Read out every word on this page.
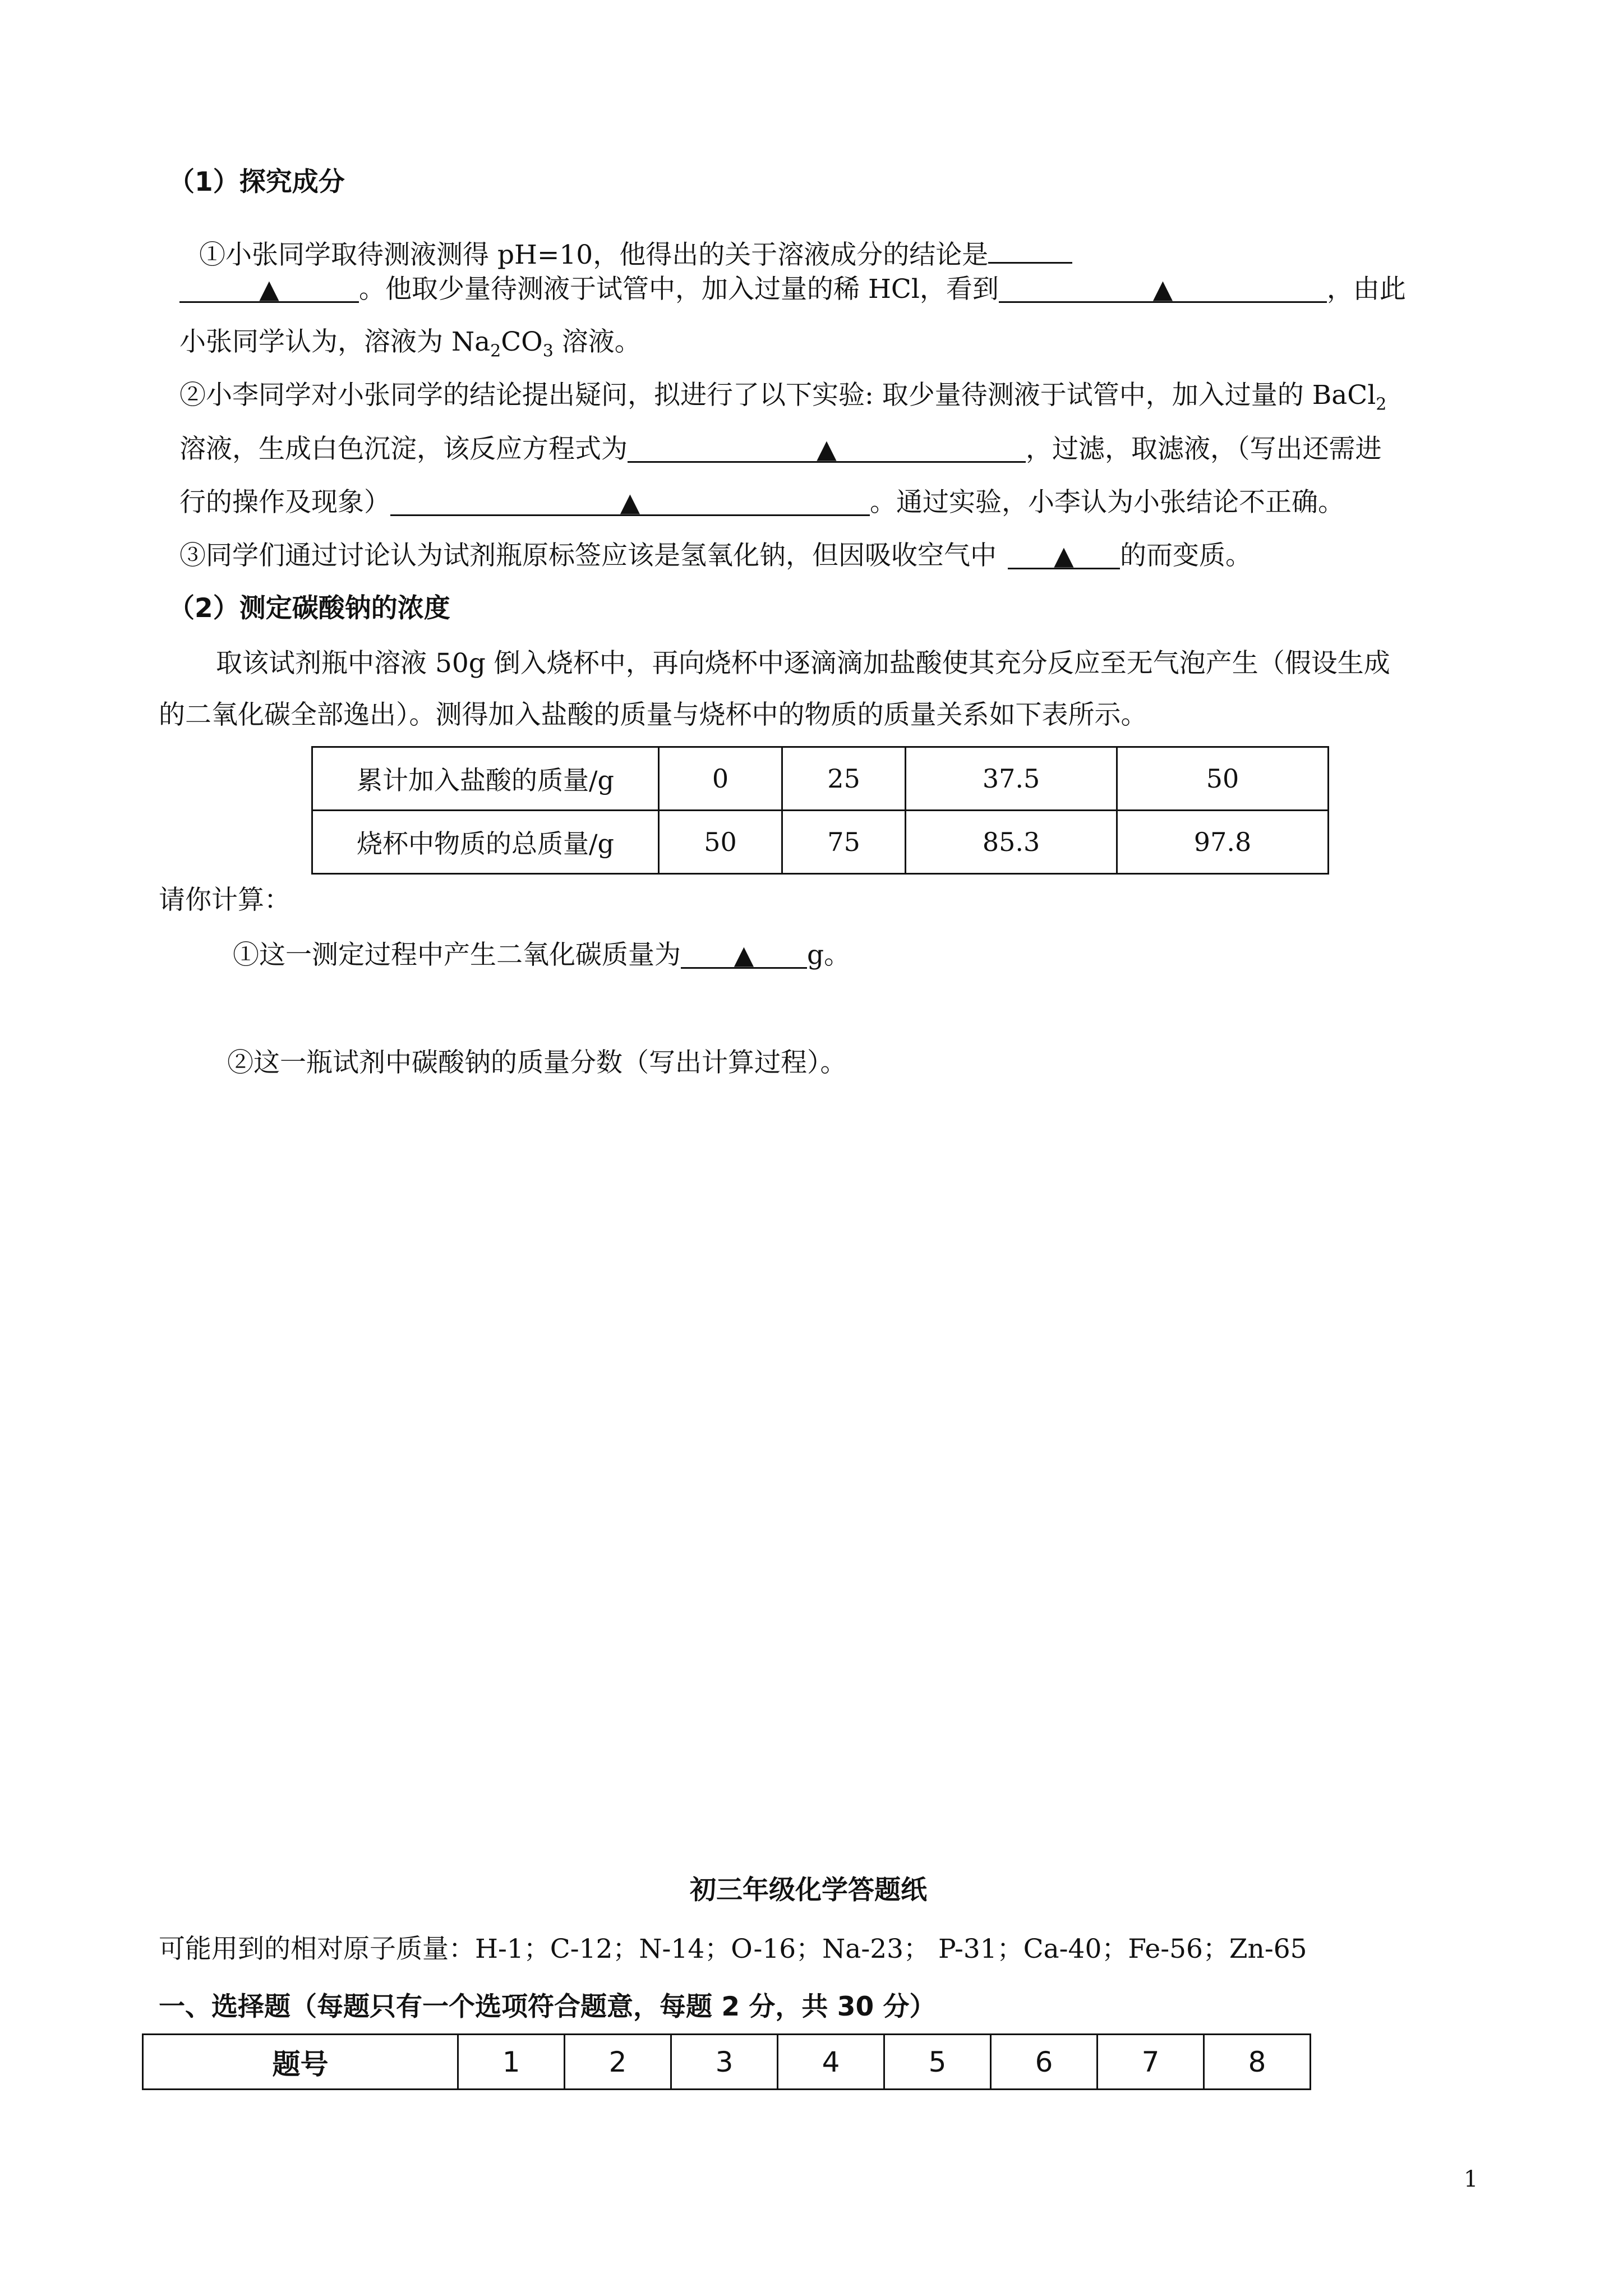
（1）探究成分
①小张同学取待测液测得 pH=10，他得出的关于溶液成分的结论是
▲	。他取少量待测液于试管中，加入过量的稀 HCl，看到	▲	，由此
小张同学认为，溶液为 $Na_2CO_3$ 溶液。
②小李同学对小张同学的结论提出疑问，拟进行了以下实验: 取少量待测液于试管中，加入过量的 BaCl$_2$
溶液，生成白色沉淀，该反应方程式为	▲	，过滤，取滤液，（写出还需进
行的操作及现象）	▲	。通过实验，小李认为小张结论不正确。
③同学们通过讨论认为试剂瓶原标签应该是氢氧化钠，但因吸收空气中 ▲ 的而变质。
（2）测定碳酸钠的浓度
取该试剂瓶中溶液 50g 倒入烧杯中，再向烧杯中逐滴滴加盐酸使其充分反应至无气泡产生（假设生成
的二氧化碳全部逸出）。测得加入盐酸的质量与烧杯中的物质的质量关系如下表所示。
累计加入盐酸的质量/g	0	25	37.5	50
烧杯中物质的总质量/g	50	75	85.3	97.8
请你计算：
①这一测定过程中产生二氧化碳质量为 ▲ g。
②这一瓶试剂中碳酸钠的质量分数（写出计算过程）。
初三年级化学答题纸
可能用到的相对原子质量：H-1；C-12；N-14；O-16；Na-23； P-31；Ca-40；Fe-56；Zn-65
一、选择题（每题只有一个选项符合题意，每题 2 分，共 30 分）
题号	1	2	3	4	5	6	7	8
1
